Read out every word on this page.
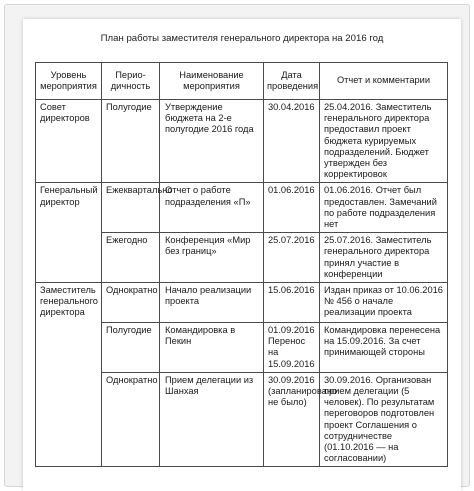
План работы заместителя генерального директора на 2016 год
Уровень мероприятия	Перио-дичность	Наименование мероприятия	Дата проведения	Отчет и комментарии
Совет директоров	Полугодие	Утверждение бюджета на 2-е полугодие 2016 года	30.04.2016	25.04.2016. Заместитель генерального директора предоставил проект бюджета курируемых подразделений. Бюджет утвержден без корректировок
Генеральный директор	Ежеквартально	Отчет о работе подразделения «П»	01.06.2016	01.06.2016. Отчет был предоставлен. Замечаний по работе подразделения нет
	Ежегодно	Конференция «Мир без границ»	25.07.2016	25.07.2016. Заместитель генерального директора принял участие в конференции
Заместитель генерального директора	Однократно	Начало реализации проекта	15.06.2016	Издан приказ от 10.06.2016 № 456 о начале реализации проекта
	Полугодие	Командировка в Пекин	01.09.2016 Перенос на 15.09.2016	Командировка перенесена на 15.09.2016. За счет принимающей стороны
	Однократно	Прием делегации из Шанхая	30.09.2016 (запланировано не было)	30.09.2016. Организован прием делегации (5 человек). По результатам переговоров подготовлен проект Соглашения о сотрудничестве (01.10.2016 — на согласовании)
